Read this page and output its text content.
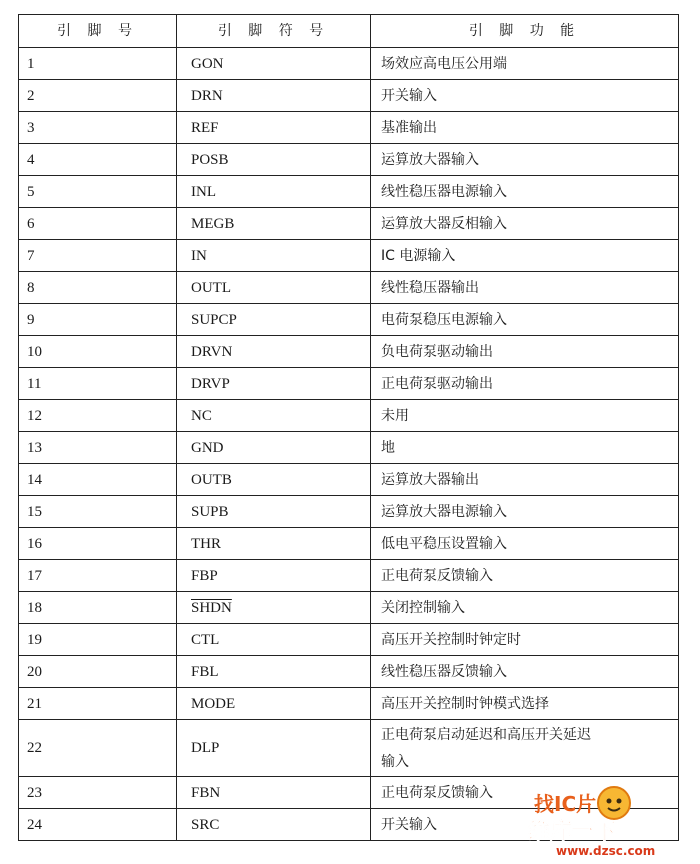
引 脚 号	引 脚 符 号	引 脚 功 能
1	GON	场效应高电压公用端
2	DRN	开关输入
3	REF	基准输出
4	POSB	运算放大器输入
5	INL	线性稳压器电源输入
6	MEGB	运算放大器反相输入
7	IN	IC 电源输入
8	OUTL	线性稳压器输出
9	SUPCP	电荷泵稳压电源输入
10	DRVN	负电荷泵驱动输出
11	DRVP	正电荷泵驱动输出
12	NC	未用
13	GND	地
14	OUTB	运算放大器输出
15	SUPB	运算放大器电源输入
16	THR	低电平稳压设置输入
17	FBP	正电荷泵反馈输入
18	SHDN	关闭控制输入
19	CTL	高压开关控制时钟定时
20	FBL	线性稳压器反馈输入
21	MODE	高压开关控制时钟模式选择
22	DLP	正电荷泵启动延迟和高压开关延迟
输入

23	FBN	正电荷泵反馈输入
24	SRC	开关输入
找IC片
维库一下
www.dzsc.com
